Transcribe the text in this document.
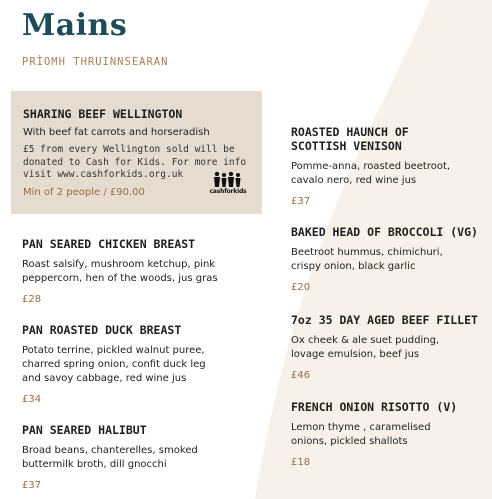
Mains
PRÌOMH THRUINNSEARAN
SHARING BEEF WELLINGTON
With beef fat carrots and horseradish
£5 from every Wellington sold will be
donated to Cash for Kids. For more info
visit www.cashforkids.org.uk
Min of 2 people / £90.00	cashforkids
PAN SEARED CHICKEN BREAST
Roast salsify, mushroom ketchup, pink
peppercorn, hen of the woods, jus gras
£28
PAN ROASTED DUCK BREAST
Potato terrine, pickled walnut puree,
charred spring onion, confit duck leg
and savoy cabbage, red wine jus
£34
PAN SEARED HALIBUT
Broad beans, chanterelles, smoked
buttermilk broth, dill gnocchi
£37
ROASTED HAUNCH OF
SCOTTISH VENISON
Pomme-anna, roasted beetroot,
cavalo nero, red wine jus
£37
BAKED HEAD OF BROCCOLI (VG)
Beetroot hummus, chimichuri,
crispy onion, black garlic
£20
7oz 35 DAY AGED BEEF FILLET
Ox cheek & ale suet pudding,
lovage emulsion, beef jus
£46
FRENCH ONION RISOTTO (V)
Lemon thyme , caramelised
onions, pickled shallots
£18
